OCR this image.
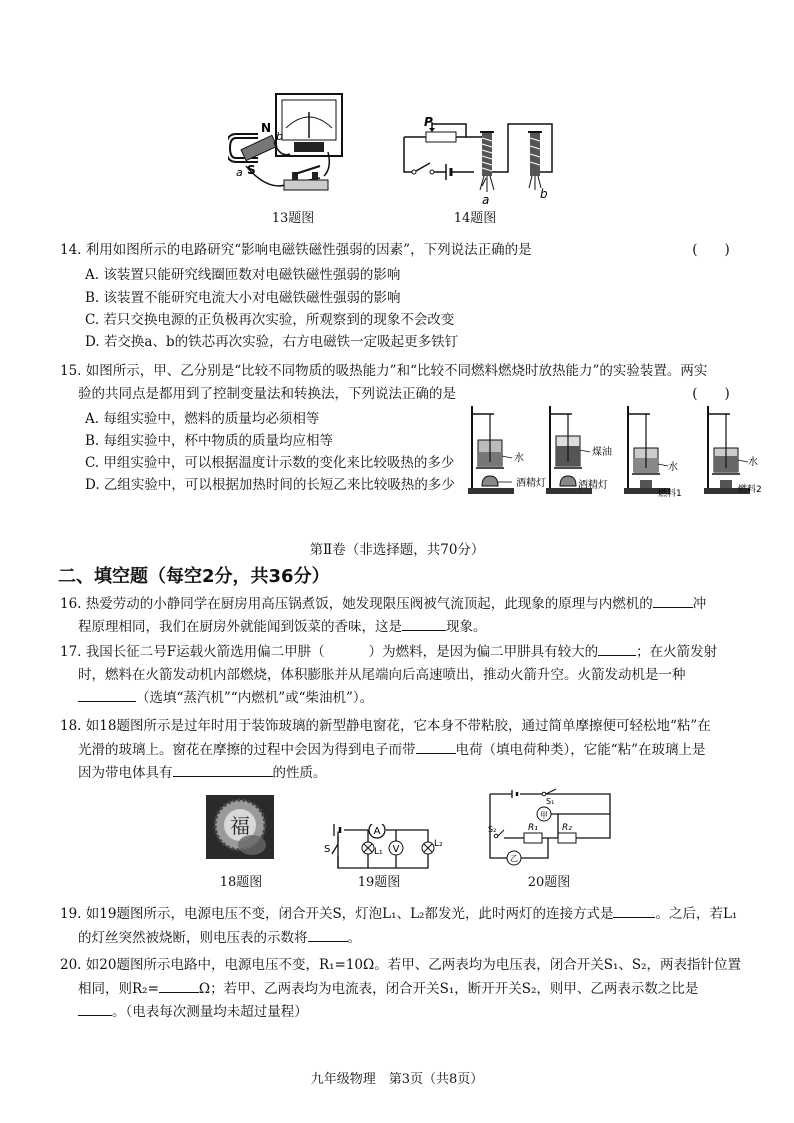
N
b
a S
13题图
P
a	b
14题图
14. 利用如图所示的电路研究“影响电磁铁磁性强弱的因素”，下列说法正确的是	(　　)
A. 该装置只能研究线圈匝数对电磁铁磁性强弱的影响
B. 该装置不能研究电流大小对电磁铁磁性强弱的影响
C. 若只交换电源的正负极再次实验，所观察到的现象不会改变
D. 若交换a、b的铁芯再次实验，右方电磁铁一定吸起更多铁钉
15. 如图所示，甲、乙分别是“比较不同物质的吸热能力”和“比较不同燃料燃烧时放热能力”的实验装置。两实
验的共同点是都用到了控制变量法和转换法，下列说法正确的是	(　　)
A. 每组实验中，燃料的质量均必须相等
B. 每组实验中，杯中物质的质量均应相等
C. 甲组实验中，可以根据温度计示数的变化来比较吸热的多少
D. 乙组实验中，可以根据加热时间的长短乙来比较吸热的多少
水
酒精灯
煤油
酒精灯
水
燃料1
水
燃料2
第Ⅱ卷（非选择题，共70分）
二、填空题（每空2分，共36分）
16. 热爱劳动的小静同学在厨房用高压锅煮饭，她发现限压阀被气流顶起，此现象的原理与内燃机的	冲
程原理相同，我们在厨房外就能闻到饭菜的香味，这是	现象。
17. 我国长征二号F运载火箭选用偏二甲肼（	）为燃料，是因为偏二甲肼具有较大的	；在火箭发射
时，燃料在火箭发动机内部燃烧，体积膨胀并从尾端向后高速喷出，推动火箭升空。火箭发动机是一种
（选填“蒸汽机”“内燃机”或“柴油机”）。
18. 如18题图所示是过年时用于装饰玻璃的新型静电窗花，它本身不带粘胶，通过简单摩擦便可轻松地“粘”在
光滑的玻璃上。窗花在摩擦的过程中会因为得到电子而带	电荷（填电荷种类），它能“粘”在玻璃上是
因为带电体具有	的性质。
福
18题图
A
V
S	L₁
L₂
19题图
S₁
甲
R₁	R₂
S₂
乙
20题图
19. 如19题图所示，电源电压不变，闭合开关S，灯泡L₁、L₂都发光，此时两灯的连接方式是	。之后，若L₁
的灯丝突然被烧断，则电压表的示数将	。
20. 如20题图所示电路中，电源电压不变，R₁=10Ω。若甲、乙两表均为电压表，闭合开关S₁、S₂，两表指针位置
相同，则R₂=	Ω；若甲、乙两表均为电流表，闭合开关S₁，断开开关S₂，则甲、乙两表示数之比是
。（电表每次测量均未超过量程）
九年级物理　第3页（共8页）
